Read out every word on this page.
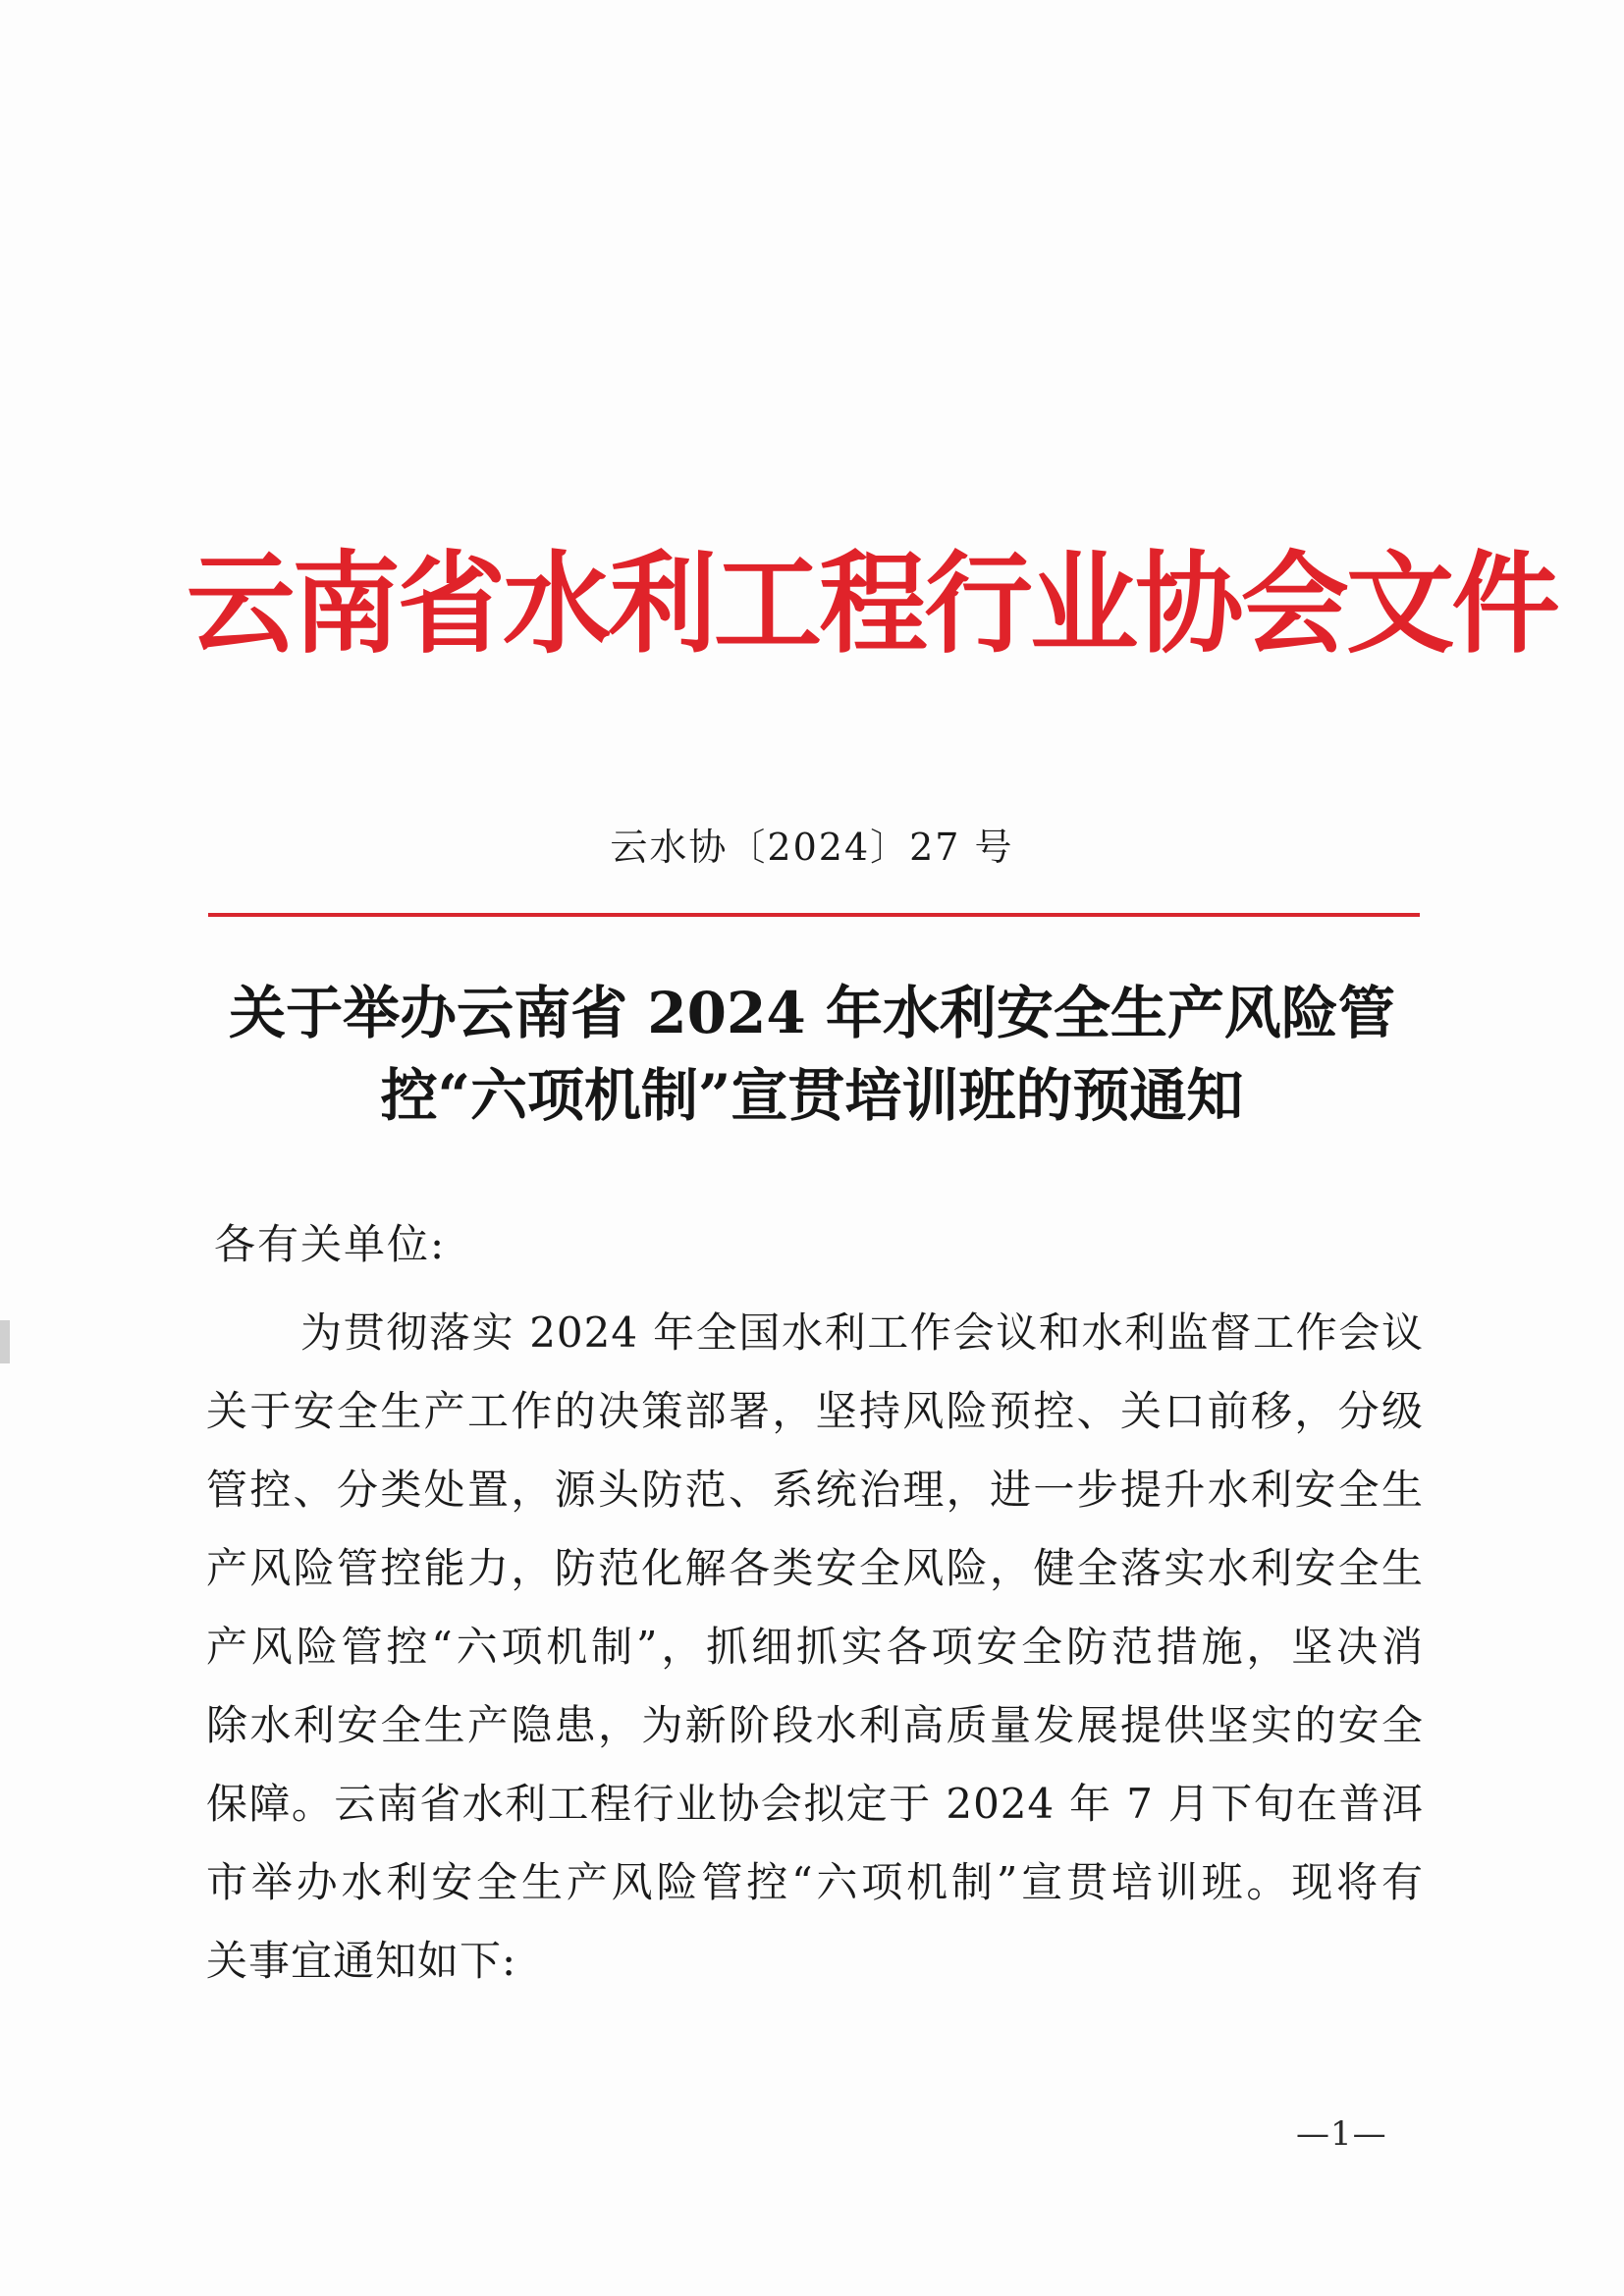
云南省水利工程行业协会文件
云水协〔2024〕27 号
关于举办云南省 2024 年水利安全生产风险管
控“六项机制”宣贯培训班的预通知
各有关单位:
为贯彻落实 2024 年全国水利工作会议和水利监督工作会议
关于安全生产工作的决策部署，坚持风险预控、关口前移，分级
管控、分类处置，源头防范、系统治理，进一步提升水利安全生
产风险管控能力，防范化解各类安全风险，健全落实水利安全生
产风险管控“六项机制”，抓细抓实各项安全防范措施，坚决消
除水利安全生产隐患，为新阶段水利高质量发展提供坚实的安全
保障。云南省水利工程行业协会拟定于 2024 年 7 月下旬在普洱
市举办水利安全生产风险管控“六项机制”宣贯培训班。现将有
关事宜通知如下:
—1—
